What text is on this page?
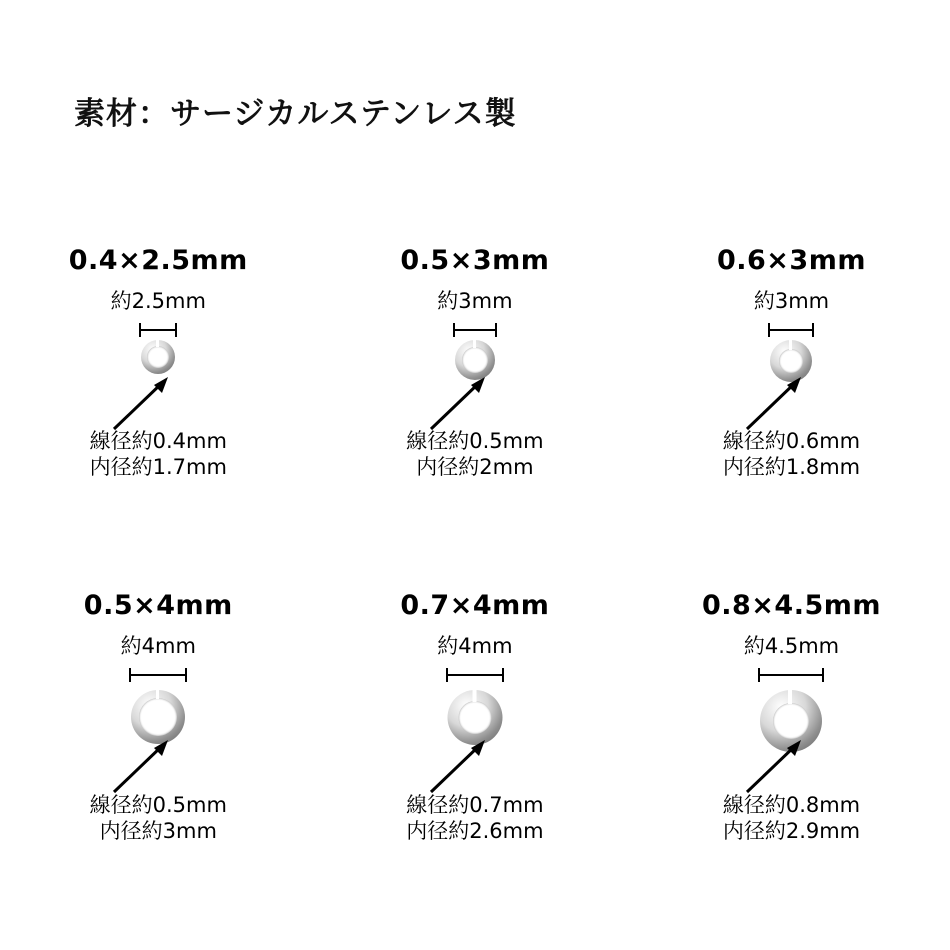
素材：サージカルステンレス製
0.4×2.5mm
約2.5mm
線径約0.4mm
内径約1.7mm
0.5×3mm
約3mm
線径約0.5mm
内径約2mm
0.6×3mm
約3mm
線径約0.6mm
内径約1.8mm
0.5×4mm
約4mm
線径約0.5mm
内径約3mm
0.7×4mm
約4mm
線径約0.7mm
内径約2.6mm
0.8×4.5mm
約4.5mm
線径約0.8mm
内径約2.9mm
